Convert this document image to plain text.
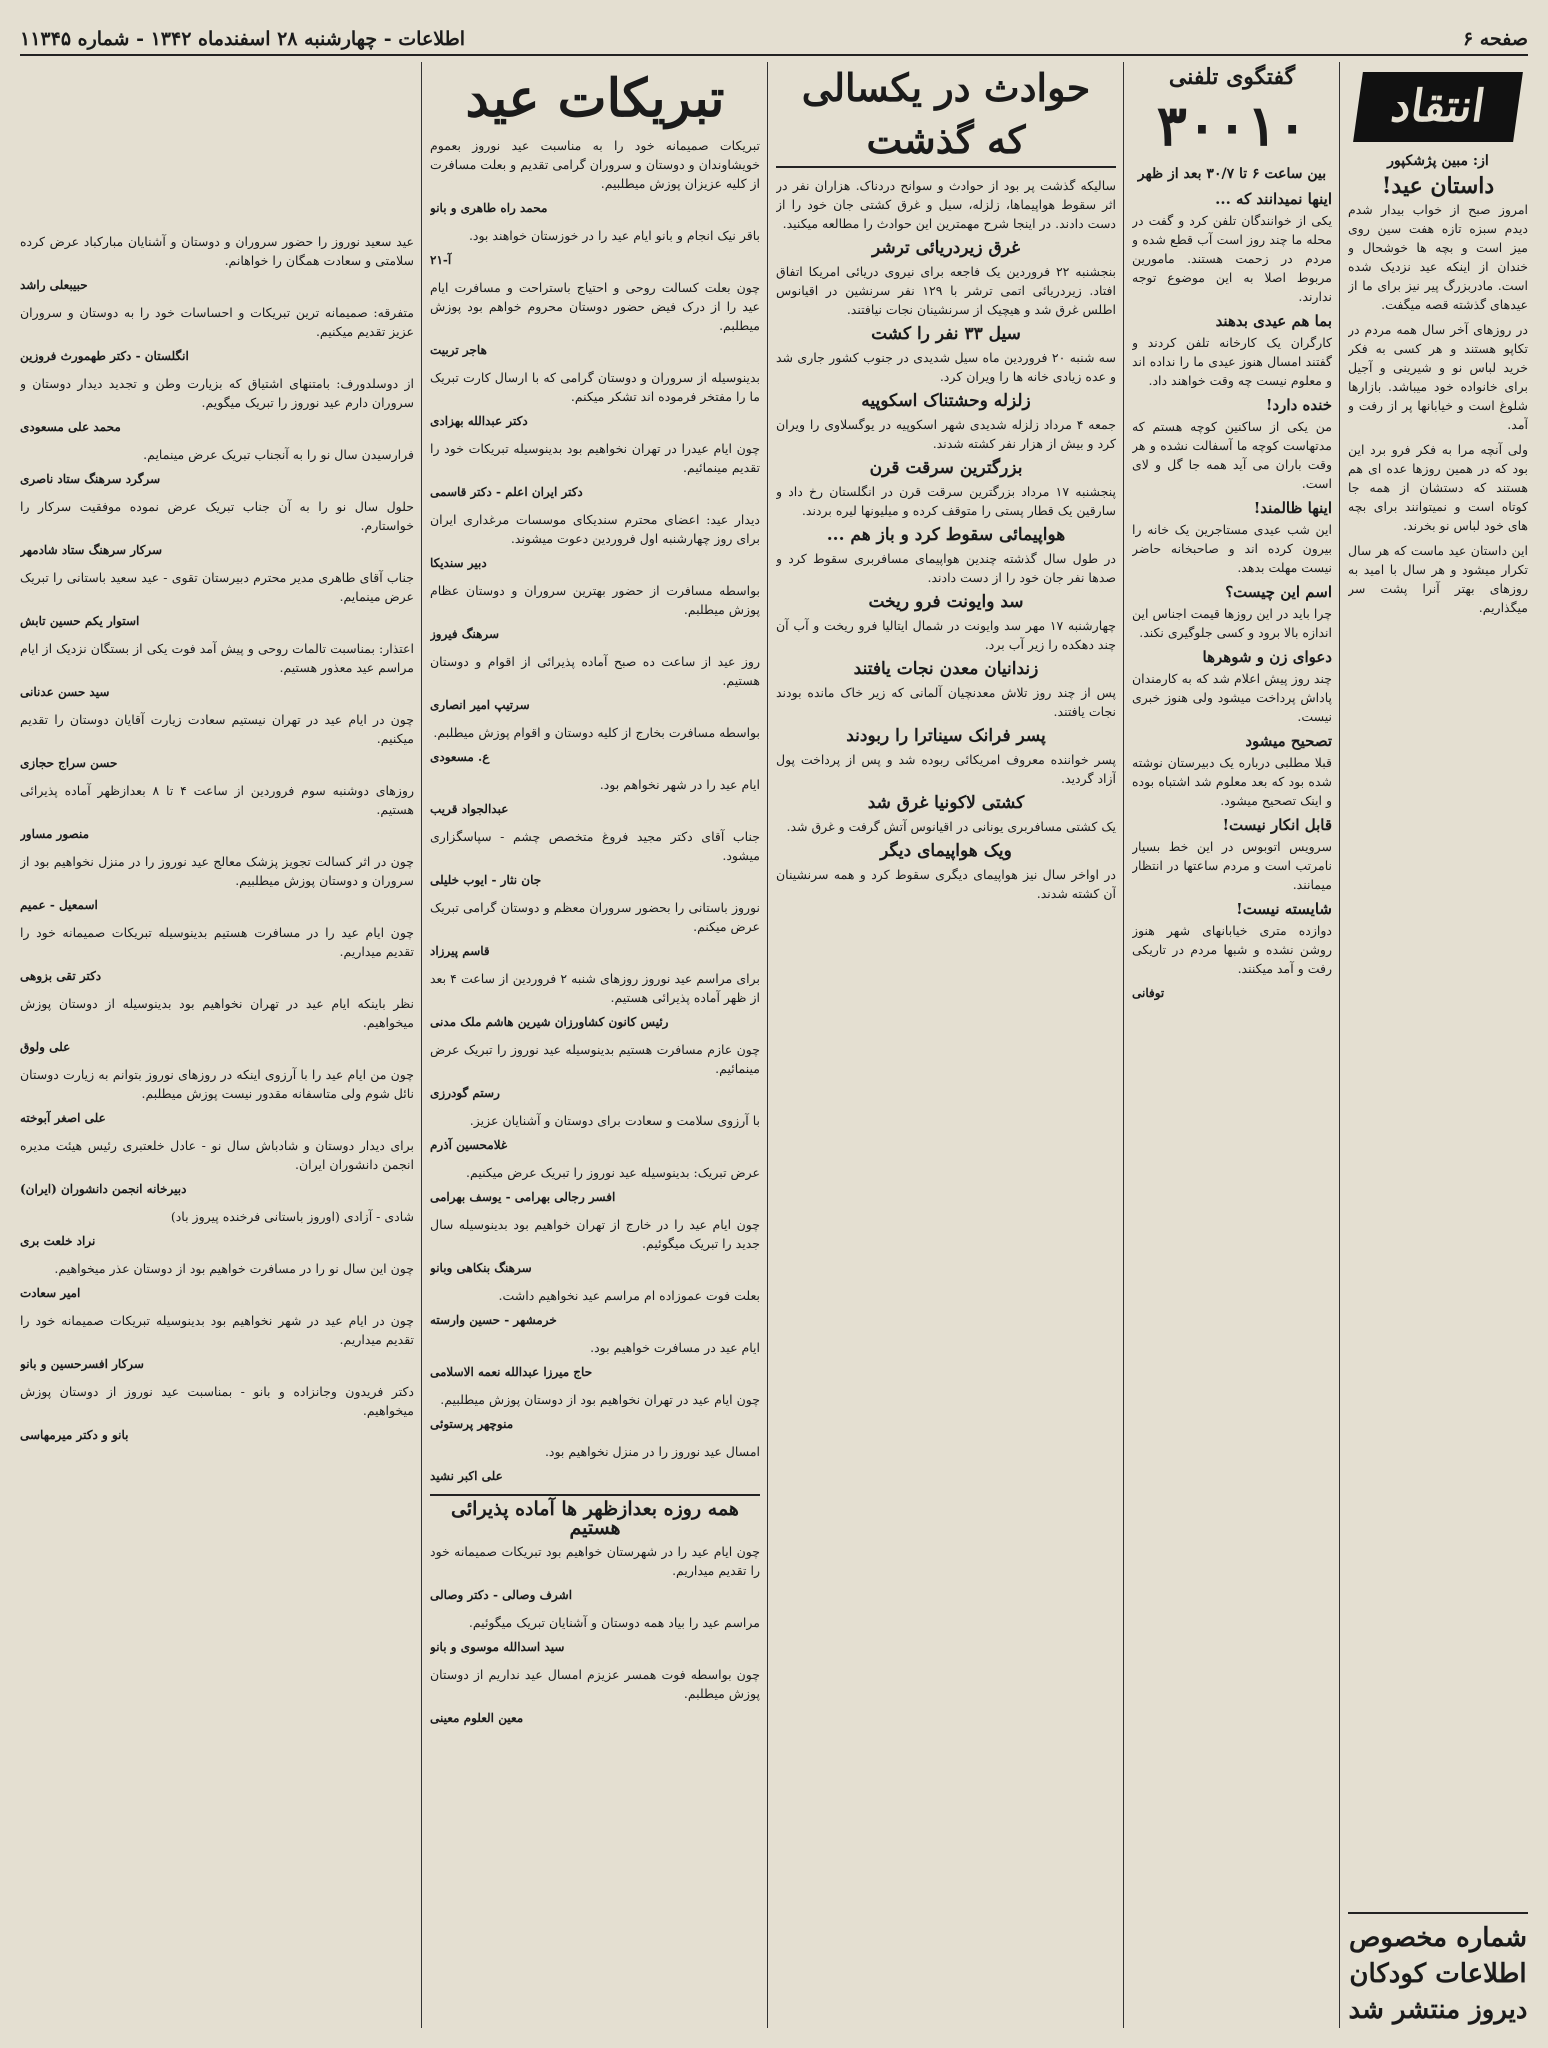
صفحه ۶
اطلاعات - چهارشنبه ۲۸ اسفندماه ۱۳۴۲ - شماره ۱۱۳۴۵
انتقاد
از: مبین پژشکپور
داستان عید!

امروز صبح از خواب بیدار شدم دیدم سبزه تازه هفت سین روی میز است و بچه ها خوشحال و خندان از اینکه عید نزدیک شده است. مادربزرگ پیر نیز برای ما از عیدهای گذشته قصه میگفت.

در روزهای آخر سال همه مردم در تکاپو هستند و هر کسی به فکر خرید لباس نو و شیرینی و آجیل برای خانواده خود میباشد. بازارها شلوغ است و خیابانها پر از رفت و آمد.

ولی آنچه مرا به فکر فرو برد این بود که در همین روزها عده ای هم هستند که دستشان از همه جا کوتاه است و نمیتوانند برای بچه های خود لباس نو بخرند.

این داستان عید ماست که هر سال تکرار میشود و هر سال با امید به روزهای بهتر آنرا پشت سر میگذاریم.

شماره مخصوص اطلاعات کودکان دیروز منتشر شد
گفتگوی تلفنی
۳۰۰۱۰
بین ساعت ۶ تا ۳۰/۷ بعد از ظهر
اینها نمیدانند که ...

یکی از خوانندگان تلفن کرد و گفت در محله ما چند روز است آب قطع شده و مردم در زحمت هستند. مامورین مربوط اصلا به این موضوع توجه ندارند.

بما هم عیدی بدهند

کارگران یک کارخانه تلفن کردند و گفتند امسال هنوز عیدی ما را نداده اند و معلوم نیست چه وقت خواهند داد.

خنده دارد!

من یکی از ساکنین کوچه هستم که مدتهاست کوچه ما آسفالت نشده و هر وقت باران می آید همه جا گل و لای است.

اینها ظالمند!

این شب عیدی مستاجرین یک خانه را بیرون کرده اند و صاحبخانه حاضر نیست مهلت بدهد.

اسم این چیست؟

چرا باید در این روزها قیمت اجناس این اندازه بالا برود و کسی جلوگیری نکند.

دعوای زن و شوهرها

چند روز پیش اعلام شد که به کارمندان پاداش پرداخت میشود ولی هنوز خبری نیست.

تصحیح میشود

قبلا مطلبی درباره یک دبیرستان نوشته شده بود که بعد معلوم شد اشتباه بوده و اینک تصحیح میشود.

قابل انکار نیست!

سرویس اتوبوس در این خط بسیار نامرتب است و مردم ساعتها در انتظار میمانند.

شایسته نیست!

دوازده متری خیابانهای شهر هنوز روشن نشده و شبها مردم در تاریکی رفت و آمد میکنند.

توفانی
حوادث در یکسالی که گذشت

سالیکه گذشت پر بود از حوادث و سوانح دردناک. هزاران نفر در اثر سقوط هواپیماها، زلزله، سیل و غرق کشتی جان خود را از دست دادند. در اینجا شرح مهمترین این حوادث را مطالعه میکنید.

غرق زیردریائی ترشر

بنجشنبه ۲۲ فروردین یک فاجعه برای نیروی دریائی امریکا اتفاق افتاد. زیردریائی اتمی ترشر با ۱۲۹ نفر سرنشین در اقیانوس اطلس غرق شد و هیچیک از سرنشینان نجات نیافتند.

سیل ۳۳ نفر را کشت

سه شنبه ۲۰ فروردین ماه سیل شدیدی در جنوب کشور جاری شد و عده زیادی خانه ها را ویران کرد.

زلزله وحشتناک اسکوپیه

جمعه ۴ مرداد زلزله شدیدی شهر اسکوپیه در یوگسلاوی را ویران کرد و بیش از هزار نفر کشته شدند.

بزرگترین سرقت قرن

پنجشنبه ۱۷ مرداد بزرگترین سرقت قرن در انگلستان رخ داد و سارقین یک قطار پستی را متوقف کرده و میلیونها لیره بردند.

هواپیمائی سقوط کرد و باز هم ...

در طول سال گذشته چندین هواپیمای مسافربری سقوط کرد و صدها نفر جان خود را از دست دادند.

سد وایونت فرو ریخت

چهارشنبه ۱۷ مهر سد وایونت در شمال ایتالیا فرو ریخت و آب آن چند دهکده را زیر آب برد.

زندانیان معدن نجات یافتند

پس از چند روز تلاش معدنچیان آلمانی که زیر خاک مانده بودند نجات یافتند.

پسر فرانک سیناترا را ربودند

پسر خواننده معروف امریکائی ربوده شد و پس از پرداخت پول آزاد گردید.

کشتی لاکونیا غرق شد

یک کشتی مسافربری یونانی در اقیانوس آتش گرفت و غرق شد.

ویک هواپیمای دیگر

در اواخر سال نیز هواپیمای دیگری سقوط کرد و همه سرنشینان آن کشته شدند.

تبریکات عید

تبریکات صمیمانه خود را به مناسبت عید نوروز بعموم خویشاوندان و دوستان و سروران گرامی تقدیم و بعلت مسافرت از کلیه عزیزان پوزش میطلبیم.

محمد راه طاهری و بانو

باقر نیک انجام و بانو ایام عید را در خوزستان خواهند بود.

آ-۲۱

چون بعلت کسالت روحی و احتیاج باستراحت و مسافرت ایام عید را از درک فیض حضور دوستان محروم خواهم بود پوزش میطلبم.

هاجر تربیت

بدینوسیله از سروران و دوستان گرامی که با ارسال کارت تبریک ما را مفتخر فرموده اند تشکر میکنم.

دکتر عبدالله بهزادی

چون ایام عیدرا در تهران نخواهیم بود بدینوسیله تبریکات خود را تقدیم مینمائیم.

دکتر ایران اعلم - دکتر قاسمی

دیدار عید: اعضای محترم سندیکای موسسات مرغداری ایران برای روز چهارشنبه اول فروردین دعوت میشوند.

دبیر سندیکا

بواسطه مسافرت از حضور بهترین سروران و دوستان عظام پوزش میطلبم.

سرهنگ فیروز

روز عید از ساعت ده صبح آماده پذیرائی از اقوام و دوستان هستیم.

سرتیپ امیر انصاری

بواسطه مسافرت بخارج از کلیه دوستان و اقوام پوزش میطلبم.

ع. مسعودی

ایام عید را در شهر نخواهم بود.

عبدالجواد قریب

جناب آقای دکتر مجید فروغ متخصص چشم - سپاسگزاری میشود.

جان نثار - ایوب خلیلی

نوروز باستانی را بحضور سروران معظم و دوستان گرامی تبریک عرض میکنم.

قاسم پیرزاد

برای مراسم عید نوروز روزهای شنبه ۲ فروردین از ساعت ۴ بعد از ظهر آماده پذیرائی هستیم.

رئیس کانون کشاورزان شیرین هاشم ملک مدنی

چون عازم مسافرت هستیم بدینوسیله عید نوروز را تبریک عرض مینمائیم.

رستم گودرزی

با آرزوی سلامت و سعادت برای دوستان و آشنایان عزیز.

غلامحسین آذرم

عرض تبریک: بدینوسیله عید نوروز را تبریک عرض میکنیم.

افسر رجالی بهرامی - یوسف بهرامی

چون ایام عید را در خارج از تهران خواهیم بود بدینوسیله سال جدید را تبریک میگوئیم.

سرهنگ بنکاهی وبانو

بعلت فوت عموزاده ام مراسم عید نخواهیم داشت.

خرمشهر - حسین وارسته

ایام عید در مسافرت خواهیم بود.

حاج میرزا عبدالله نعمه الاسلامی

چون ایام عید در تهران نخواهیم بود از دوستان پوزش میطلبیم.

منوچهر پرستوئی

امسال عید نوروز را در منزل نخواهیم بود.

علی اکبر نشید
همه روزه بعدازظهر ها آماده پذیرائی هستیم

چون ایام عید را در شهرستان خواهیم بود تبریکات صمیمانه خود را تقدیم میداریم.

اشرف وصالی - دکتر وصالی

مراسم عید را بیاد همه دوستان و آشنایان تبریک میگوئیم.

سید اسدالله موسوی و بانو

چون بواسطه فوت همسر عزیزم امسال عید نداریم از دوستان پوزش میطلبم.

معین العلوم معینی

عید سعید نوروز را حضور سروران و دوستان و آشنایان مبارکباد عرض کرده سلامتی و سعادت همگان را خواهانم.

حبیبعلی راشد

متفرقه: صمیمانه ترین تبریکات و احساسات خود را به دوستان و سروران عزیز تقدیم میکنیم.

انگلستان - دکتر طهمورث فروزین

از دوسلدورف: بامتنهای اشتیاق که بزیارت وطن و تجدید دیدار دوستان و سروران دارم عید نوروز را تبریک میگویم.

محمد علی مسعودی

فرارسیدن سال نو را به آنجناب تبریک عرض مینمایم.

سرگرد سرهنگ ستاد ناصری

حلول سال نو را به آن جناب تبریک عرض نموده موفقیت سرکار را خواستارم.

سرکار سرهنگ ستاد شادمهر

جناب آقای طاهری مدیر محترم دبیرستان تقوی - عید سعید باستانی را تبریک عرض مینمایم.

استوار یکم حسین تابش

اعتذار: بمناسبت تالمات روحی و پیش آمد فوت یکی از بستگان نزدیک از ایام مراسم عید معذور هستیم.

سید حسن عدنانی

چون در ایام عید در تهران نیستیم سعادت زیارت آقایان دوستان را تقدیم میکنیم.

حسن سراج حجازی

روزهای دوشنبه سوم فروردین از ساعت ۴ تا ۸ بعدازظهر آماده پذیرائی هستیم.

منصور مساور

چون در اثر کسالت تجویز پزشک معالج عید نوروز را در منزل نخواهیم بود از سروران و دوستان پوزش میطلبیم.

اسمعیل - عمیم

چون ایام عید را در مسافرت هستیم بدینوسیله تبریکات صمیمانه خود را تقدیم میداریم.

دکتر تقی بزوهی

نظر باینکه ایام عید در تهران نخواهیم بود بدینوسیله از دوستان پوزش میخواهیم.

علی ولوق

چون من ایام عید را با آرزوی اینکه در روزهای نوروز بتوانم به زیارت دوستان نائل شوم ولی متاسفانه مقدور نیست پوزش میطلبم.

علی اصغر آبوخته

برای دیدار دوستان و شادباش سال نو - عادل خلعتبری رئیس هیئت مدیره انجمن دانشوران ایران.

دبیرخانه انجمن دانشوران (ایران)

شادی - آزادی (اوروز باستانی فرخنده پیروز باد)

نراد خلعت بری

چون این سال نو را در مسافرت خواهیم بود از دوستان عذر میخواهیم.

امیر سعادت

چون در ایام عید در شهر نخواهیم بود بدینوسیله تبریکات صمیمانه خود را تقدیم میداریم.

سرکار افسرحسین و بانو

دکتر فریدون وجانزاده و بانو - بمناسبت عید نوروز از دوستان پوزش میخواهیم.

بانو و دکتر میرمهاسی
